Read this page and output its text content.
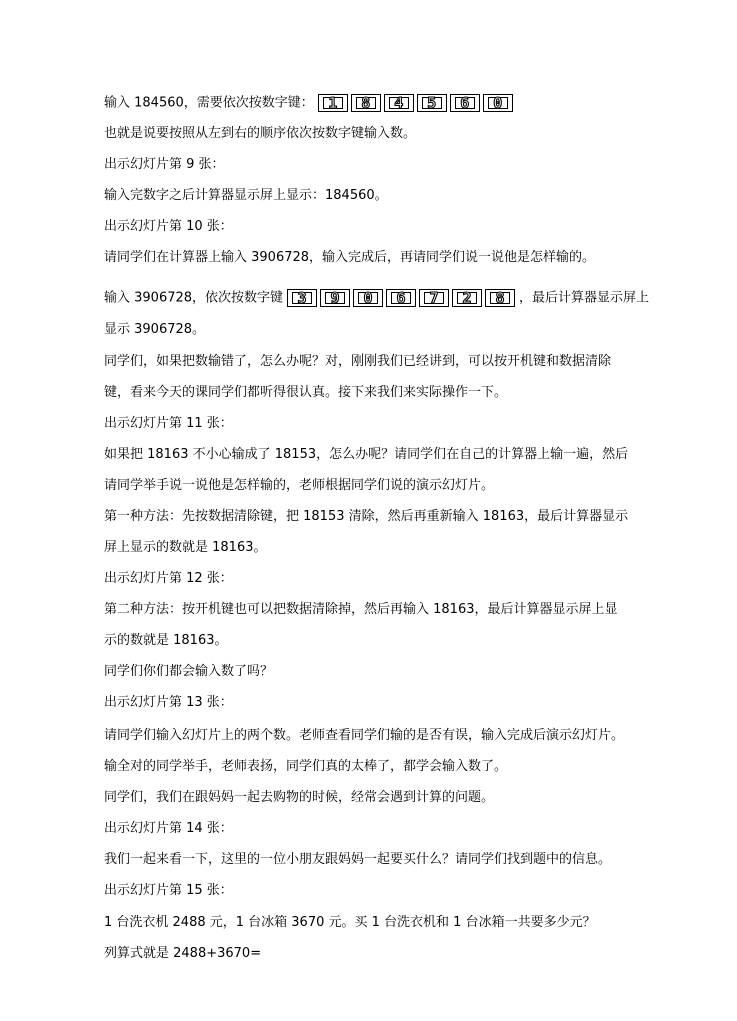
输入 184560，需要依次按数字键： 1	8	4	5	6	0
也就是说要按照从左到右的顺序依次按数字键输入数。
出示幻灯片第 9 张：
输入完数字之后计算器显示屏上显示：184560。
出示幻灯片第 10 张：
请同学们在计算器上输入 3906728，输入完成后，再请同学们说一说他是怎样输的。
输入 3906728，依次按数字键 3	9	0	6	7	2	8	，最后计算器显示屏上
显示 3906728。
同学们，如果把数输错了，怎么办呢？对，刚刚我们已经讲到，可以按开机键和数据清除
键，看来今天的课同学们都听得很认真。接下来我们来实际操作一下。
出示幻灯片第 11 张：
如果把 18163 不小心输成了 18153，怎么办呢？请同学们在自己的计算器上输一遍，然后
请同学举手说一说他是怎样输的，老师根据同学们说的演示幻灯片。
第一种方法：先按数据清除键，把 18153 清除，然后再重新输入 18163，最后计算器显示
屏上显示的数就是 18163。
出示幻灯片第 12 张：
第二种方法：按开机键也可以把数据清除掉，然后再输入 18163，最后计算器显示屏上显
示的数就是 18163。
同学们你们都会输入数了吗？
出示幻灯片第 13 张：
请同学们输入幻灯片上的两个数。老师查看同学们输的是否有误，输入完成后演示幻灯片。
输全对的同学举手，老师表扬，同学们真的太棒了，都学会输入数了。
同学们，我们在跟妈妈一起去购物的时候，经常会遇到计算的问题。
出示幻灯片第 14 张：
我们一起来看一下，这里的一位小朋友跟妈妈一起要买什么？请同学们找到题中的信息。
出示幻灯片第 15 张：
1 台洗衣机 2488 元，1 台冰箱 3670 元。买 1 台洗衣机和 1 台冰箱一共要多少元？
列算式就是 2488+3670=
